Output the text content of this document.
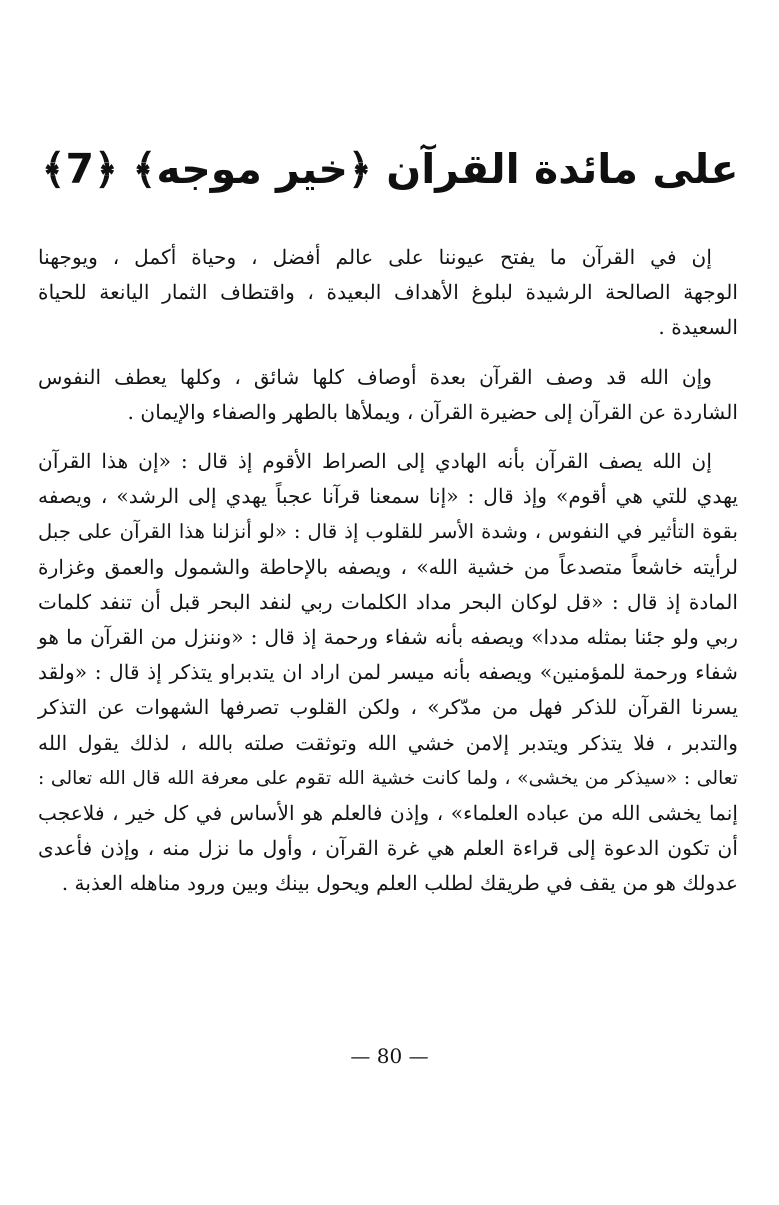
على مائدة القرآن ﴿خير موجه﴾ ﴿7﴾

إن في القرآن ما يفتح عيوننا على عالم أفضل ، وحياة أكمل ، ويوجهنا
الوجهة الصالحة الرشيدة لبلوغ الأهداف البعيدة ، واقتطاف الثمار اليانعة للحياة
السعيدة .

وإن الله قد وصف القرآن بعدة أوصاف كلها شائق ، وكلها يعطف النفوس
الشاردة عن القرآن إلى حضيرة القرآن ، ويملأها بالطهر والصفاء والإيمان .

إن الله يصف القرآن بأنه الهادي إلى الصراط الأقوم إذ قال : «إن هذا القرآن
يهدي للتي هي أقوم» وإذ قال : «إنا سمعنا قرآنا عجباً يهدي إلى الرشد» ، ويصفه
بقوة التأثير في النفوس ، وشدة الأسر للقلوب إذ قال : «لو أنزلنا هذا القرآن على جبل
لرأيته خاشعاً متصدعاً من خشية الله» ، ويصفه بالإحاطة والشمول والعمق وغزارة
المادة إذ قال : «قل لوكان البحر مداد الكلمات ربي لنفد البحر قبل أن تنفد كلمات
ربي ولو جئنا بمثله مددا» ويصفه بأنه شفاء ورحمة إذ قال : «وننزل من القرآن ما هو
شفاء ورحمة للمؤمنين» ويصفه بأنه ميسر لمن اراد ان يتدبراو يتذكر إذ قال : «ولقد
يسرنا القرآن للذكر فهل من مدّكر» ، ولكن القلوب تصرفها الشهوات عن التذكر
والتدبر ، فلا يتذكر ويتدبر إلامن خشي الله وتوثقت صلته بالله ، لذلك يقول الله
تعالى : «سيذكر من يخشى» ، ولما كانت خشية الله تقوم على معرفة الله قال الله تعالى :
إنما يخشى الله من عباده العلماء» ، وإذن فالعلم هو الأساس في كل خير ، فلاعجب
أن تكون الدعوة إلى قراءة العلم هي غرة القرآن ، وأول ما نزل منه ، وإذن فأعدى
عدولك هو من يقف في طريقك لطلب العلم ويحول بينك وبين ورود مناهله العذبة .

— 80 —
